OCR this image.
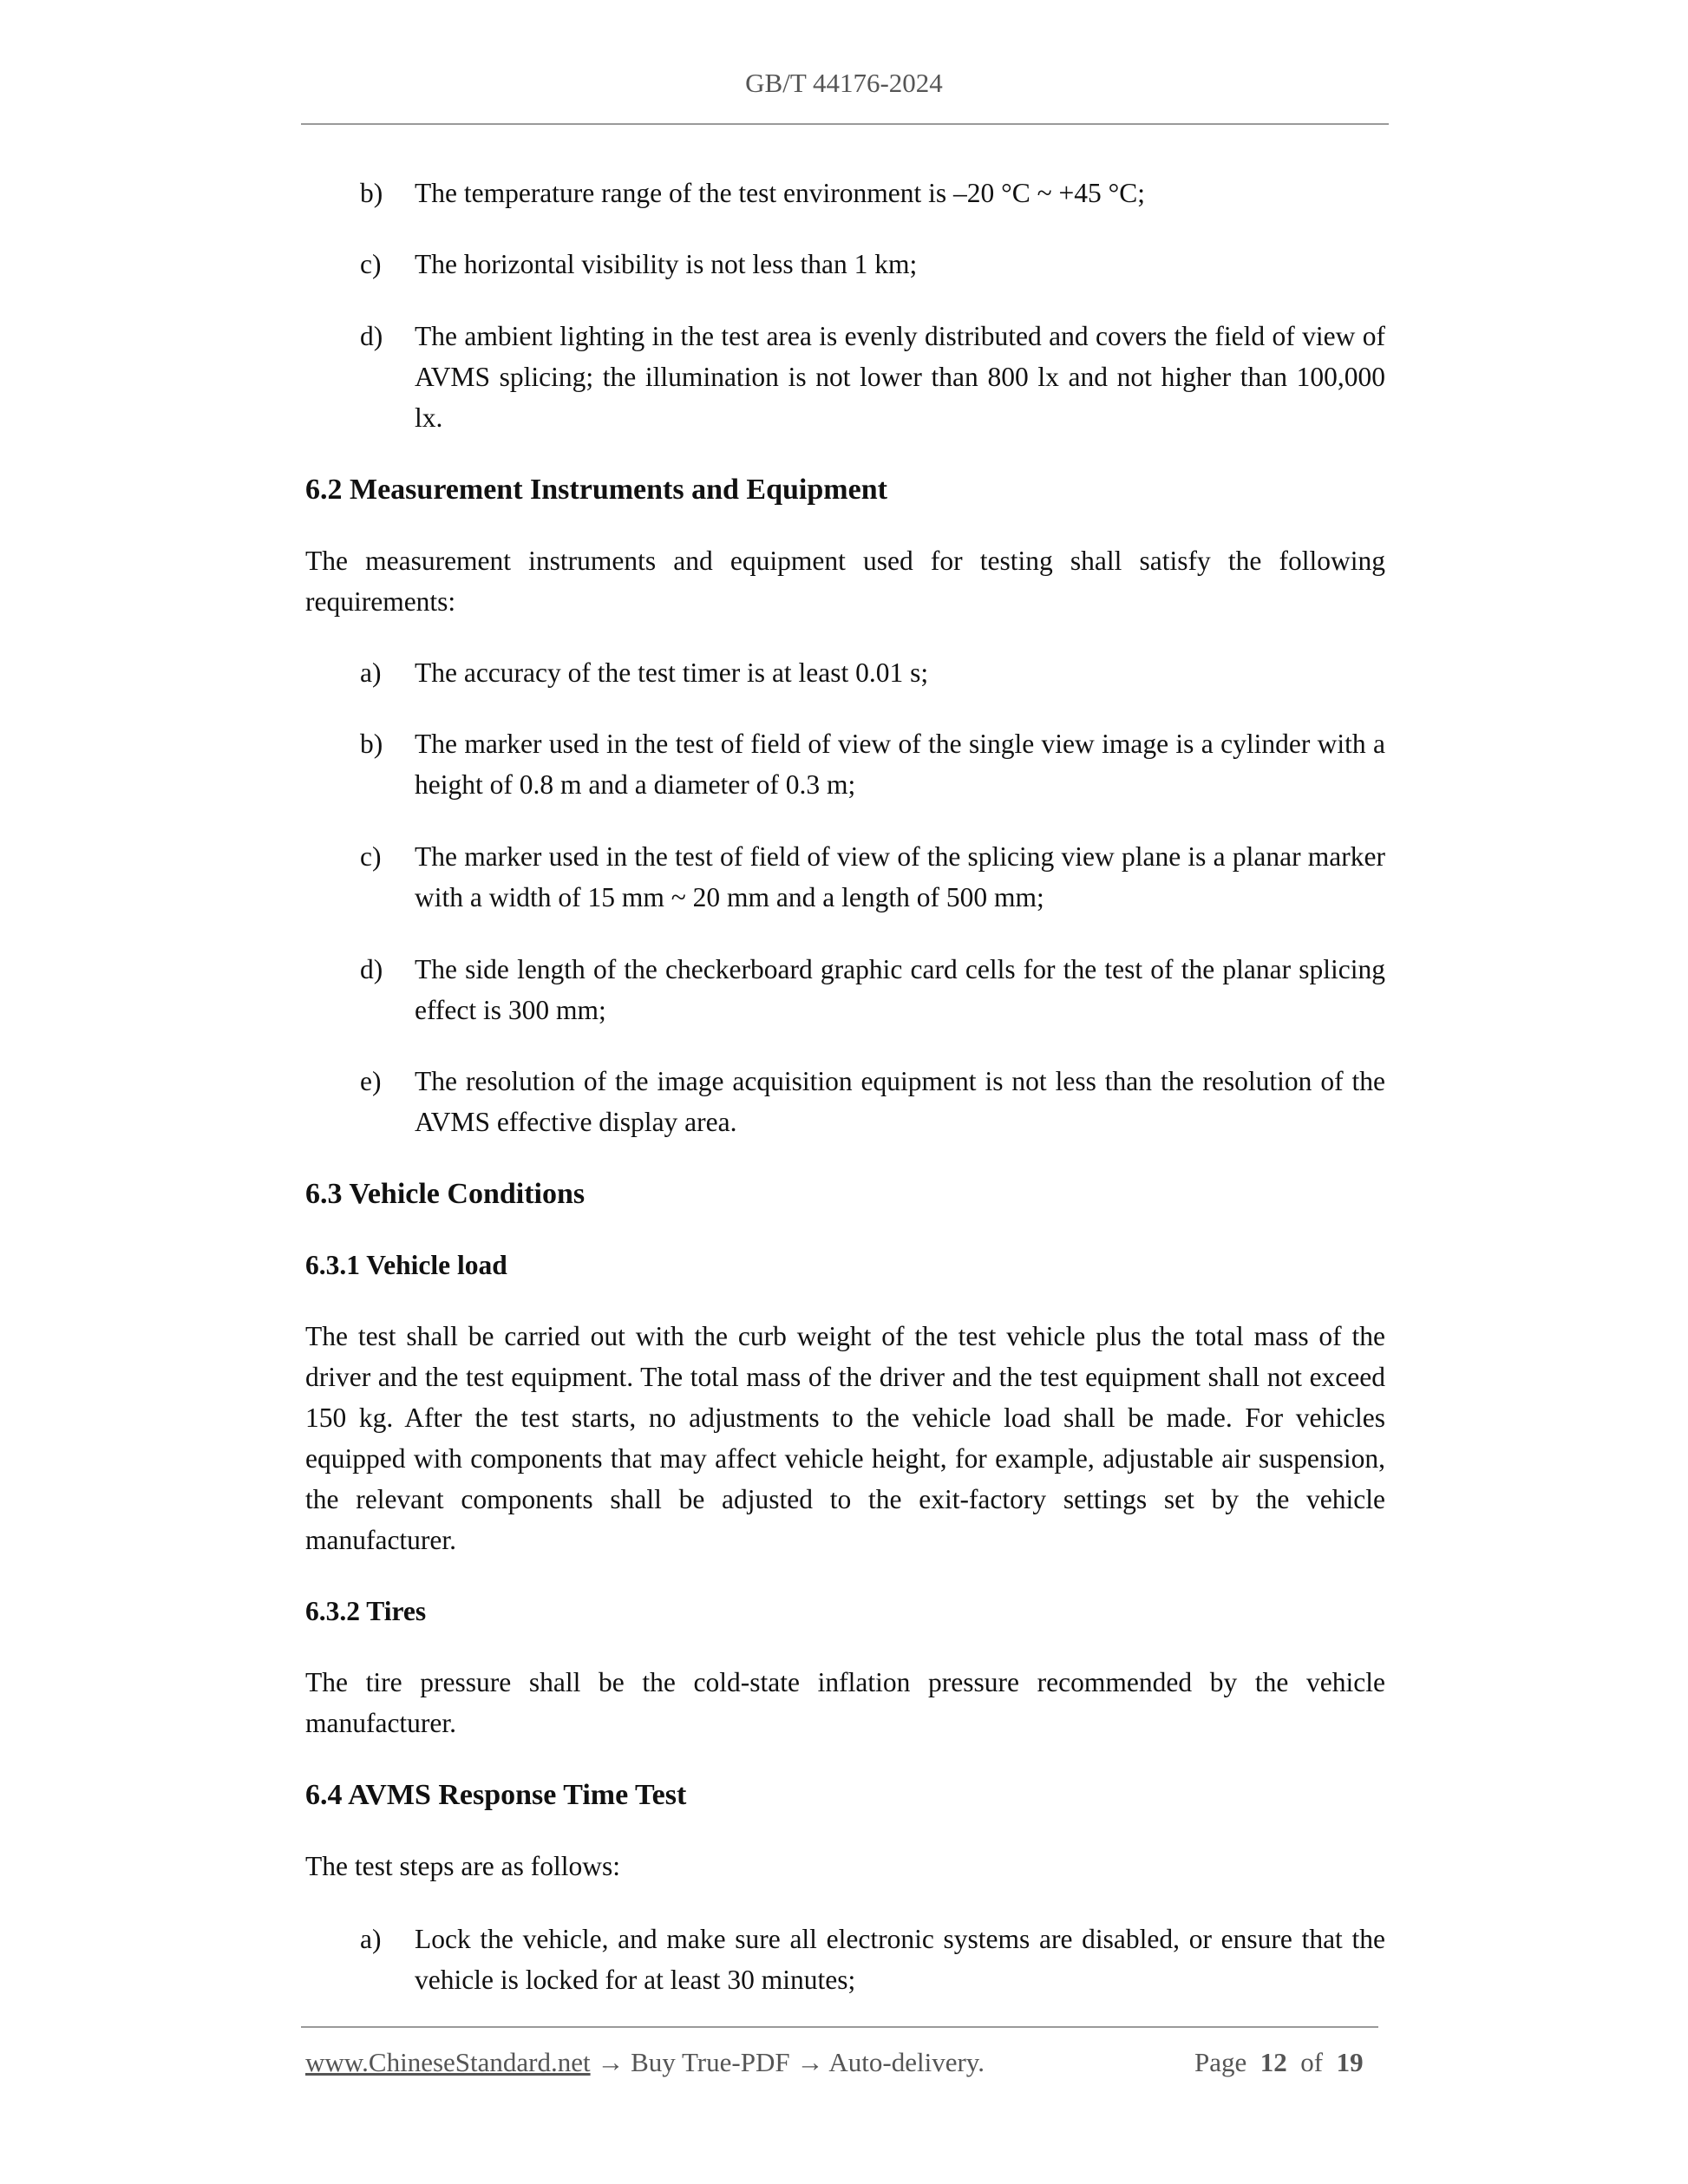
GB/T 44176-2024
b) The temperature range of the test environment is –20 °C ~ +45 °C;
c) The horizontal visibility is not less than 1 km;
d) The ambient lighting in the test area is evenly distributed and covers the field of view of AVMS splicing; the illumination is not lower than 800 lx and not higher than 100,000 lx.
6.2 Measurement Instruments and Equipment
The measurement instruments and equipment used for testing shall satisfy the following requirements:
a) The accuracy of the test timer is at least 0.01 s;
b) The marker used in the test of field of view of the single view image is a cylinder with a height of 0.8 m and a diameter of 0.3 m;
c) The marker used in the test of field of view of the splicing view plane is a planar marker with a width of 15 mm ~ 20 mm and a length of 500 mm;
d) The side length of the checkerboard graphic card cells for the test of the planar splicing effect is 300 mm;
e) The resolution of the image acquisition equipment is not less than the resolution of the AVMS effective display area.
6.3 Vehicle Conditions
6.3.1 Vehicle load
The test shall be carried out with the curb weight of the test vehicle plus the total mass of the driver and the test equipment. The total mass of the driver and the test equipment shall not exceed 150 kg. After the test starts, no adjustments to the vehicle load shall be made. For vehicles equipped with components that may affect vehicle height, for example, adjustable air suspension, the relevant components shall be adjusted to the exit-factory settings set by the vehicle manufacturer.
6.3.2 Tires
The tire pressure shall be the cold-state inflation pressure recommended by the vehicle manufacturer.
6.4 AVMS Response Time Test
The test steps are as follows:
a) Lock the vehicle, and make sure all electronic systems are disabled, or ensure that the vehicle is locked for at least 30 minutes;
www.ChineseStandard.net → Buy True-PDF → Auto-delivery.	Page 12 of 19
